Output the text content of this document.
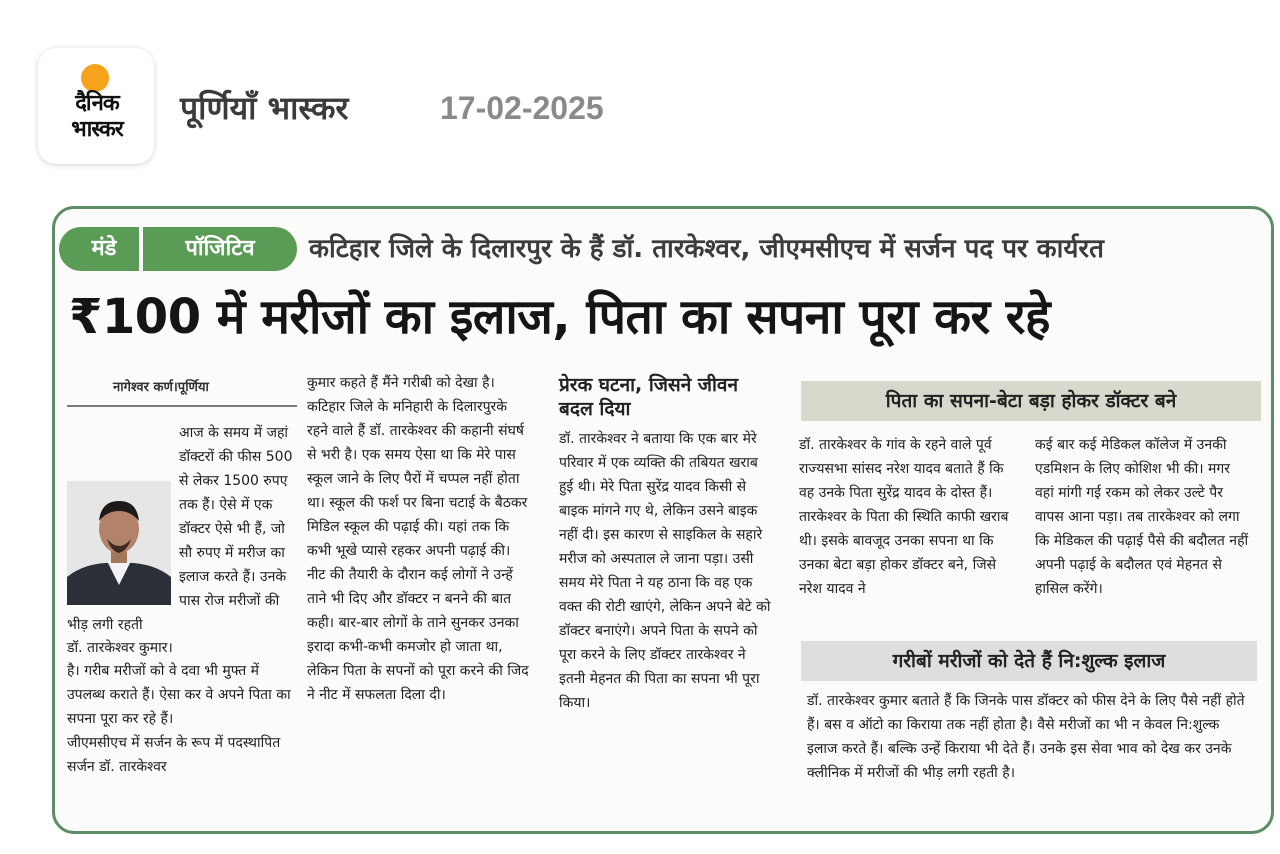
दैनिक
भास्कर
पूर्णियाँ भास्कर	17-02-2025
मंडे	पॉजिटिव	कटिहार जिले के दिलारपुर के हैं डॉ. तारकेश्वर, जीएमसीएच में सर्जन पद पर कार्यरत
₹100 में मरीजों का इलाज, पिता का सपना पूरा कर रहे
नागेश्वर कर्ण।पूर्णिया

आज के समय में जहां डॉक्टरों की फीस 500 से लेकर 1500 रुपए तक हैं। ऐसे में एक डॉक्टर ऐसे भी हैं, जो सौ रुपए में मरीज का इलाज करते हैं। उनके पास रोज मरीजों की भीड़ लगी रहती

डॉ. तारकेश्वर कुमार।

है। गरीब मरीजों को वे दवा भी मुफ्त में उपलब्ध कराते हैं। ऐसा कर वे अपने पिता का सपना पूरा कर रहे हैं।

जीएमसीएच में सर्जन के रूप में पदस्थापित सर्जन डॉ. तारकेश्वर

कुमार कहते हैं मैंने गरीबी को देखा है। कटिहार जिले के मनिहारी के दिलारपुरके रहने वाले हैं डॉ. तारकेश्वर की कहानी संघर्ष से भरी है। एक समय ऐसा था कि मेरे पास स्कूल जाने के लिए पैरों में चप्पल नहीं होता था। स्कूल की फर्श पर बिना चटाई के बैठकर मिडिल स्कूल की पढ़ाई की। यहां तक कि कभी भूखे प्यासे रहकर अपनी पढ़ाई की। नीट की तैयारी के दौरान कई लोगों ने उन्हें ताने भी दिए और डॉक्टर न बनने की बात कही। बार-बार लोगों के ताने सुनकर उनका इरादा कभी-कभी कमजोर हो जाता था, लेकिन पिता के सपनों को पूरा करने की जिद ने नीट में सफलता दिला दी।

प्रेरक घटना, जिसने जीवन बदल दिया

डॉ. तारकेश्वर ने बताया कि एक बार मेरे परिवार में एक व्यक्ति की तबियत खराब हुई थी। मेरे पिता सुरेंद्र यादव किसी से बाइक मांगने गए थे, लेकिन उसने बाइक नहीं दी। इस कारण से साइकिल के सहारे मरीज को अस्पताल ले जाना पड़ा। उसी समय मेरे पिता ने यह ठाना कि वह एक वक्त की रोटी खाएंगे, लेकिन अपने बेटे को डॉक्टर बनाएंगे। अपने पिता के सपने को पूरा करने के लिए डॉक्टर तारकेश्वर ने इतनी मेहनत की पिता का सपना भी पूरा किया।

पिता का सपना-बेटा बड़ा होकर डॉक्टर बने

डॉ. तारकेश्वर के गांव के रहने वाले पूर्व राज्यसभा सांसद नरेश यादव बताते हैं कि वह उनके पिता सुरेंद्र यादव के दोस्त हैं। तारकेश्वर के पिता की स्थिति काफी खराब थी। इसके बावजूद उनका सपना था कि उनका बेटा बड़ा होकर डॉक्टर बने, जिसे नरेश यादव ने

कई बार कई मेडिकल कॉलेज में उनकी एडमिशन के लिए कोशिश भी की। मगर वहां मांगी गई रकम को लेकर उल्टे पैर वापस आना पड़ा। तब तारकेश्वर को लगा कि मेडिकल की पढ़ाई पैसे की बदौलत नहीं अपनी पढ़ाई के बदौलत एवं मेहनत से हासिल करेंगे।

गरीबों मरीजों को देते हैं नि:शुल्क इलाज

डॉ. तारकेश्वर कुमार बताते हैं कि जिनके पास डॉक्टर को फीस देने के लिए पैसे नहीं होते हैं। बस व ऑटो का किराया तक नहीं होता है। वैसे मरीजों का भी न केवल नि:शुल्क इलाज करते हैं। बल्कि उन्हें किराया भी देते हैं। उनके इस सेवा भाव को देख कर उनके क्लीनिक में मरीजों की भीड़ लगी रहती है।
